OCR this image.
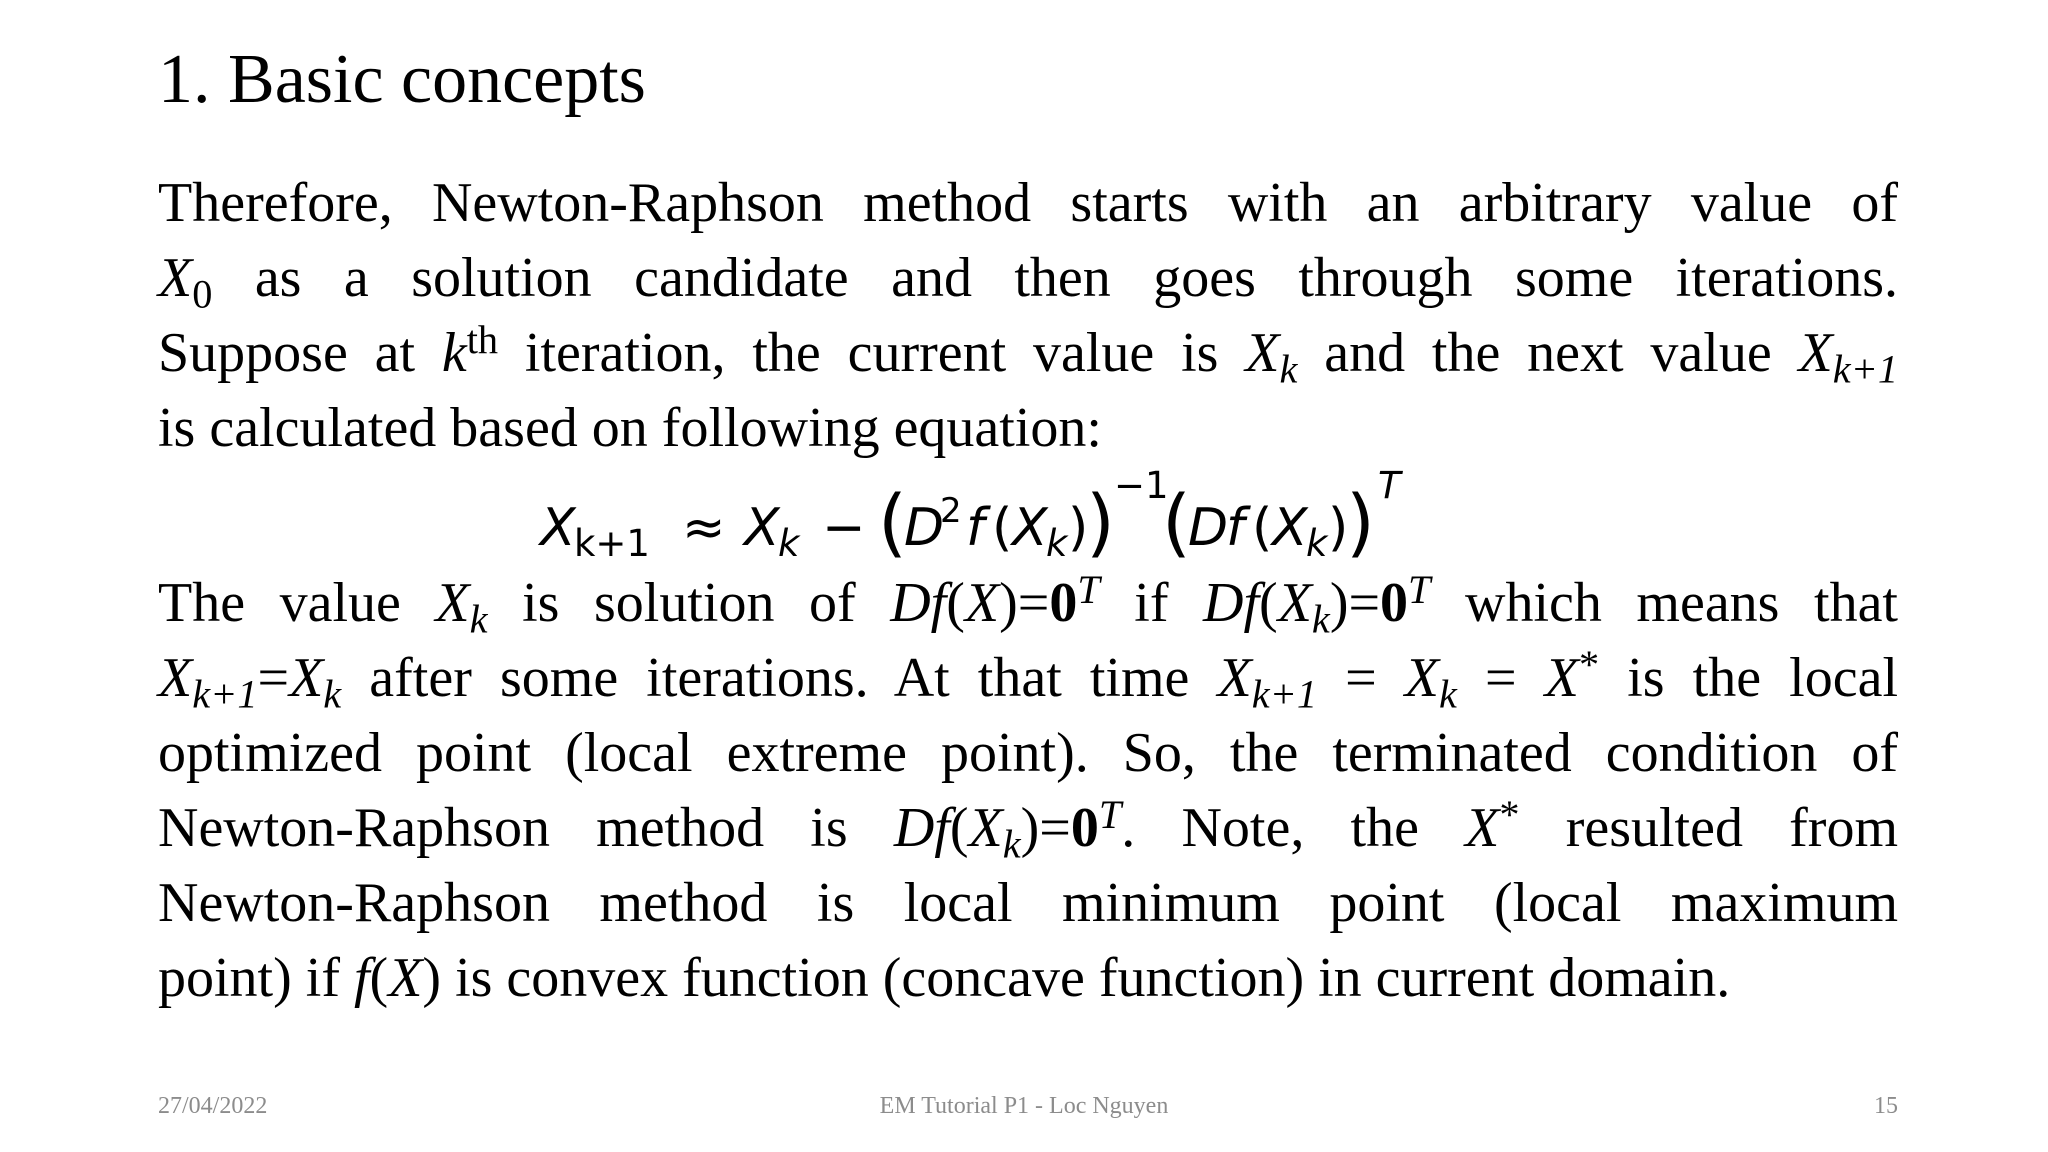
1. Basic concepts
Therefore, Newton-Raphson method starts with an arbitrary value of
$X_0$ as a solution candidate and then goes through some iterations.
Suppose at $k^{th}$ iteration, the current value is $X_k$ and the next value $X_{k+1}$
is calculated based on following equation:
X
k+1 ≈ X
k − (
D
2 f ( X
k )
) −1
(
D
f ( X
k )
) T
The value $X_k$ is solution of $Df(X)=0^T$ if $Df(X_k)=0^T$ which means that
$X_{k+1}=X_k$ after some iterations. At that time $X_{k+1} = X_k = X^*$ is the local
optimized point (local extreme point). So, the terminated condition of
Newton-Raphson method is $Df(X_k)=0^T$. Note, the X* resulted from
Newton-Raphson method is local minimum point (local maximum
point) if f(X) is convex function (concave function) in current domain.
27/04/2022	EM Tutorial P1 - Loc Nguyen	15
